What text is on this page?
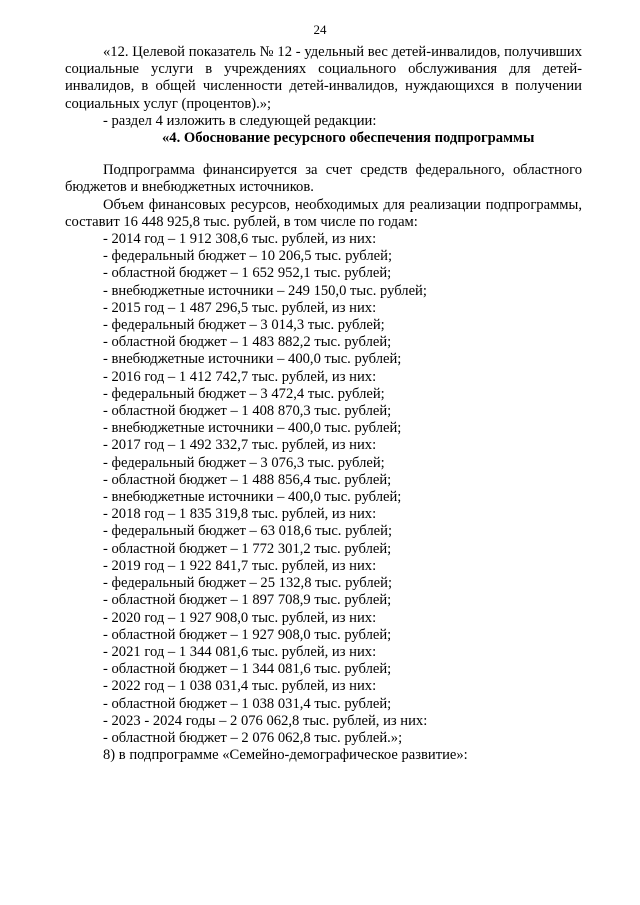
24

«12. Целевой показатель № 12 - удельный вес детей-инвалидов, получивших социальные услуги в учреждениях социального обслуживания для детей-инвалидов, в общей численности детей-инвалидов, нуждающихся в получении социальных услуг (процентов).»;

- раздел 4 изложить в следующей редакции:

«4. Обоснование ресурсного обеспечения подпрограммы

Подпрограмма финансируется за счет средств федерального, областного бюджетов и внебюджетных источников.

Объем финансовых ресурсов, необходимых для реализации подпрограммы, составит 16 448 925,8 тыс. рублей, в том числе по годам:

- 2014 год – 1 912 308,6 тыс. рублей, из них:

- федеральный бюджет – 10 206,5 тыс. рублей;

- областной бюджет – 1 652 952,1 тыс. рублей;

- внебюджетные источники – 249 150,0 тыс. рублей;

- 2015 год – 1 487 296,5 тыс. рублей, из них:

- федеральный бюджет – 3 014,3 тыс. рублей;

- областной бюджет – 1 483 882,2 тыс. рублей;

- внебюджетные источники – 400,0 тыс. рублей;

- 2016 год – 1 412 742,7 тыс. рублей, из них:

- федеральный бюджет – 3 472,4 тыс. рублей;

- областной бюджет – 1 408 870,3 тыс. рублей;

- внебюджетные источники – 400,0 тыс. рублей;

- 2017 год – 1 492 332,7 тыс. рублей, из них:

- федеральный бюджет – 3 076,3 тыс. рублей;

- областной бюджет – 1 488 856,4 тыс. рублей;

- внебюджетные источники – 400,0 тыс. рублей;

- 2018 год – 1 835 319,8 тыс. рублей, из них:

- федеральный бюджет – 63 018,6 тыс. рублей;

- областной бюджет – 1 772 301,2 тыс. рублей;

- 2019 год – 1 922 841,7 тыс. рублей, из них:

- федеральный бюджет – 25 132,8 тыс. рублей;

- областной бюджет – 1 897 708,9 тыс. рублей;

- 2020 год – 1 927 908,0 тыс. рублей, из них:

- областной бюджет – 1 927 908,0 тыс. рублей;

- 2021 год – 1 344 081,6 тыс. рублей, из них:

- областной бюджет – 1 344 081,6 тыс. рублей;

- 2022 год – 1 038 031,4 тыс. рублей, из них:

- областной бюджет – 1 038 031,4 тыс. рублей;

- 2023 - 2024 годы – 2 076 062,8 тыс. рублей, из них:

- областной бюджет – 2 076 062,8 тыс. рублей.»;

8) в подпрограмме «Семейно-демографическое развитие»:
